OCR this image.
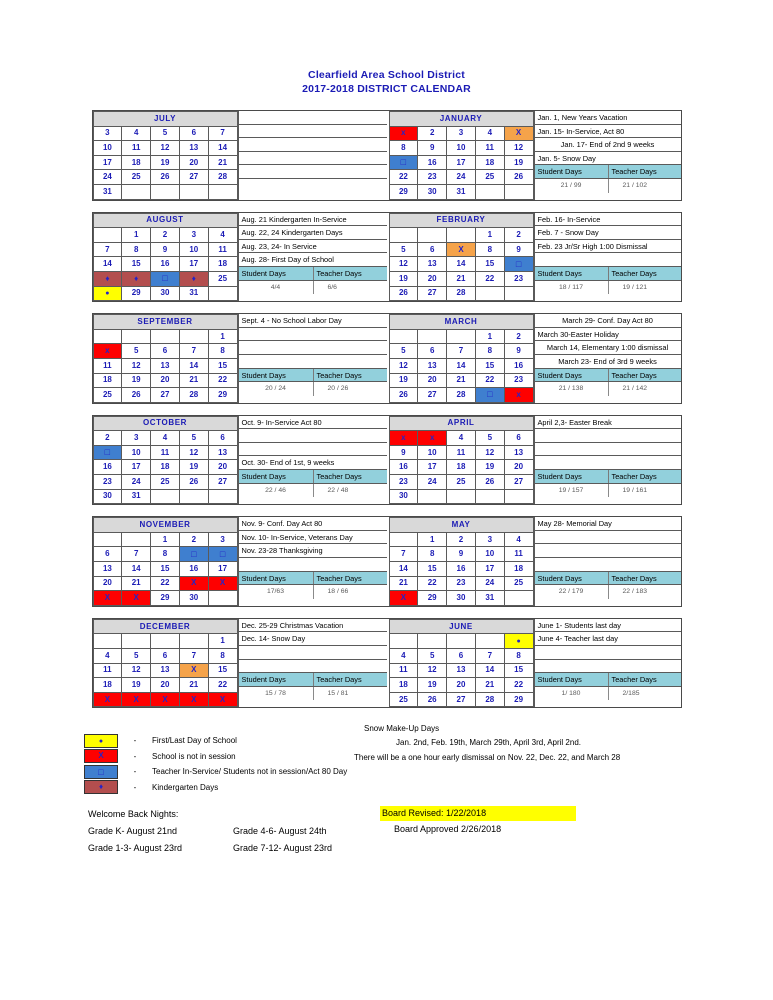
Clearfield Area School District
2017-2018 DISTRICT CALENDAR
JULY				
3	4	5	6	7
10	11	12	13	14
17	18	19	20	21
24	25	26	27	28
31				
JANUARY				
x	2	3	4	X
8	9	10	11	12
□	16	17	18	19
22	23	24	25	26
29	30	31		
Jan. 1, New Years Vacation
Jan. 15- In-Service, Act 80
Jan. 17- End of 2nd 9 weeks
Jan. 5- Snow Day
Student Days	Teacher Days
21 / 99	21 / 102
AUGUST				
	1	2	3	4
7	8	9	10	11
14	15	16	17	18
♦	♦	□	♦	25
●	29	30	31	
Aug. 21 Kindergarten In-Service
Aug. 22, 24 Kindergarten Days
Aug. 23, 24- In Service
Aug. 28- First Day of School
Student Days	Teacher Days
4/4	6/6
FEBRUARY				
			1	2
5	6	X	8	9
12	13	14	15	□
19	20	21	22	23
26	27	28		
Feb. 16- In-Service
Feb. 7 - Snow Day
Feb. 23 Jr/Sr High 1:00 Dismissal
Student Days	Teacher Days
18 / 117	19 / 121
SEPTEMBER				
				1
x	5	6	7	8
11	12	13	14	15
18	19	20	21	22
25	26	27	28	29
Sept. 4 - No School Labor Day
Student Days	Teacher Days
20 / 24	20 / 26
MARCH				
			1	2
5	6	7	8	9
12	13	14	15	16
19	20	21	22	23
26	27	28	□	x
March 29- Conf. Day Act 80
March 30-Easter Holiday
March 14, Elementary 1:00 dismissal
March 23- End of 3rd 9 weeks
Student Days	Teacher Days
21 / 138	21 / 142
OCTOBER				
2	3	4	5	6
□	10	11	12	13
16	17	18	19	20
23	24	25	26	27
30	31			
Oct. 9- In-Service Act 80
Oct. 30- End of 1st, 9 weeks
Student Days	Teacher Days
22 / 46	22 / 48
APRIL				
x	x	4	5	6
9	10	11	12	13
16	17	18	19	20
23	24	25	26	27
30				
April 2,3- Easter Break
Student Days	Teacher Days
19 / 157	19 / 161
NOVEMBER				
		1	2	3
6	7	8	□	□
13	14	15	16	17
20	21	22	X	X
X	X	29	30	
Nov. 9- Conf. Day Act 80
Nov. 10- In-Service, Veterans Day
Nov. 23-28 Thanksgiving
Student Days	Teacher Days
17/63	18 / 66
MAY				
	1	2	3	4
7	8	9	10	11
14	15	16	17	18
21	22	23	24	25
X	29	30	31	
May 28- Memorial Day
Student Days	Teacher Days
22 / 179	22 / 183
DECEMBER				
				1
4	5	6	7	8
11	12	13	X	15
18	19	20	21	22
X	X	X	X	X
Dec. 25-29 Christmas Vacation
Dec. 14- Snow Day
Student Days	Teacher Days
15 / 78	15 / 81
JUNE				
				●
4	5	6	7	8
11	12	13	14	15
18	19	20	21	22
25	26	27	28	29
June 1- Students last day
June 4- Teacher last day
Student Days	Teacher Days
1/ 180	2/185
Snow Make-Up Days
Jan. 2nd, Feb. 19th, March 29th, April 3rd, April 2nd.
There will be a one hour early dismissal on Nov. 22, Dec. 22, and March 28
●
-	First/Last Day of School
X	-	School is not in session
□
-	Teacher In-Service/ Students not in session/Act 80 Day
♦
-	Kindergarten Days
Welcome Back Nights:
Grade K- August 21nd	Grade 4-6- August 24th
Grade 1-3- August 23rd	Grade 7-12- August 23rd
Board Revised: 1/22/2018
Board Approved 2/26/2018
